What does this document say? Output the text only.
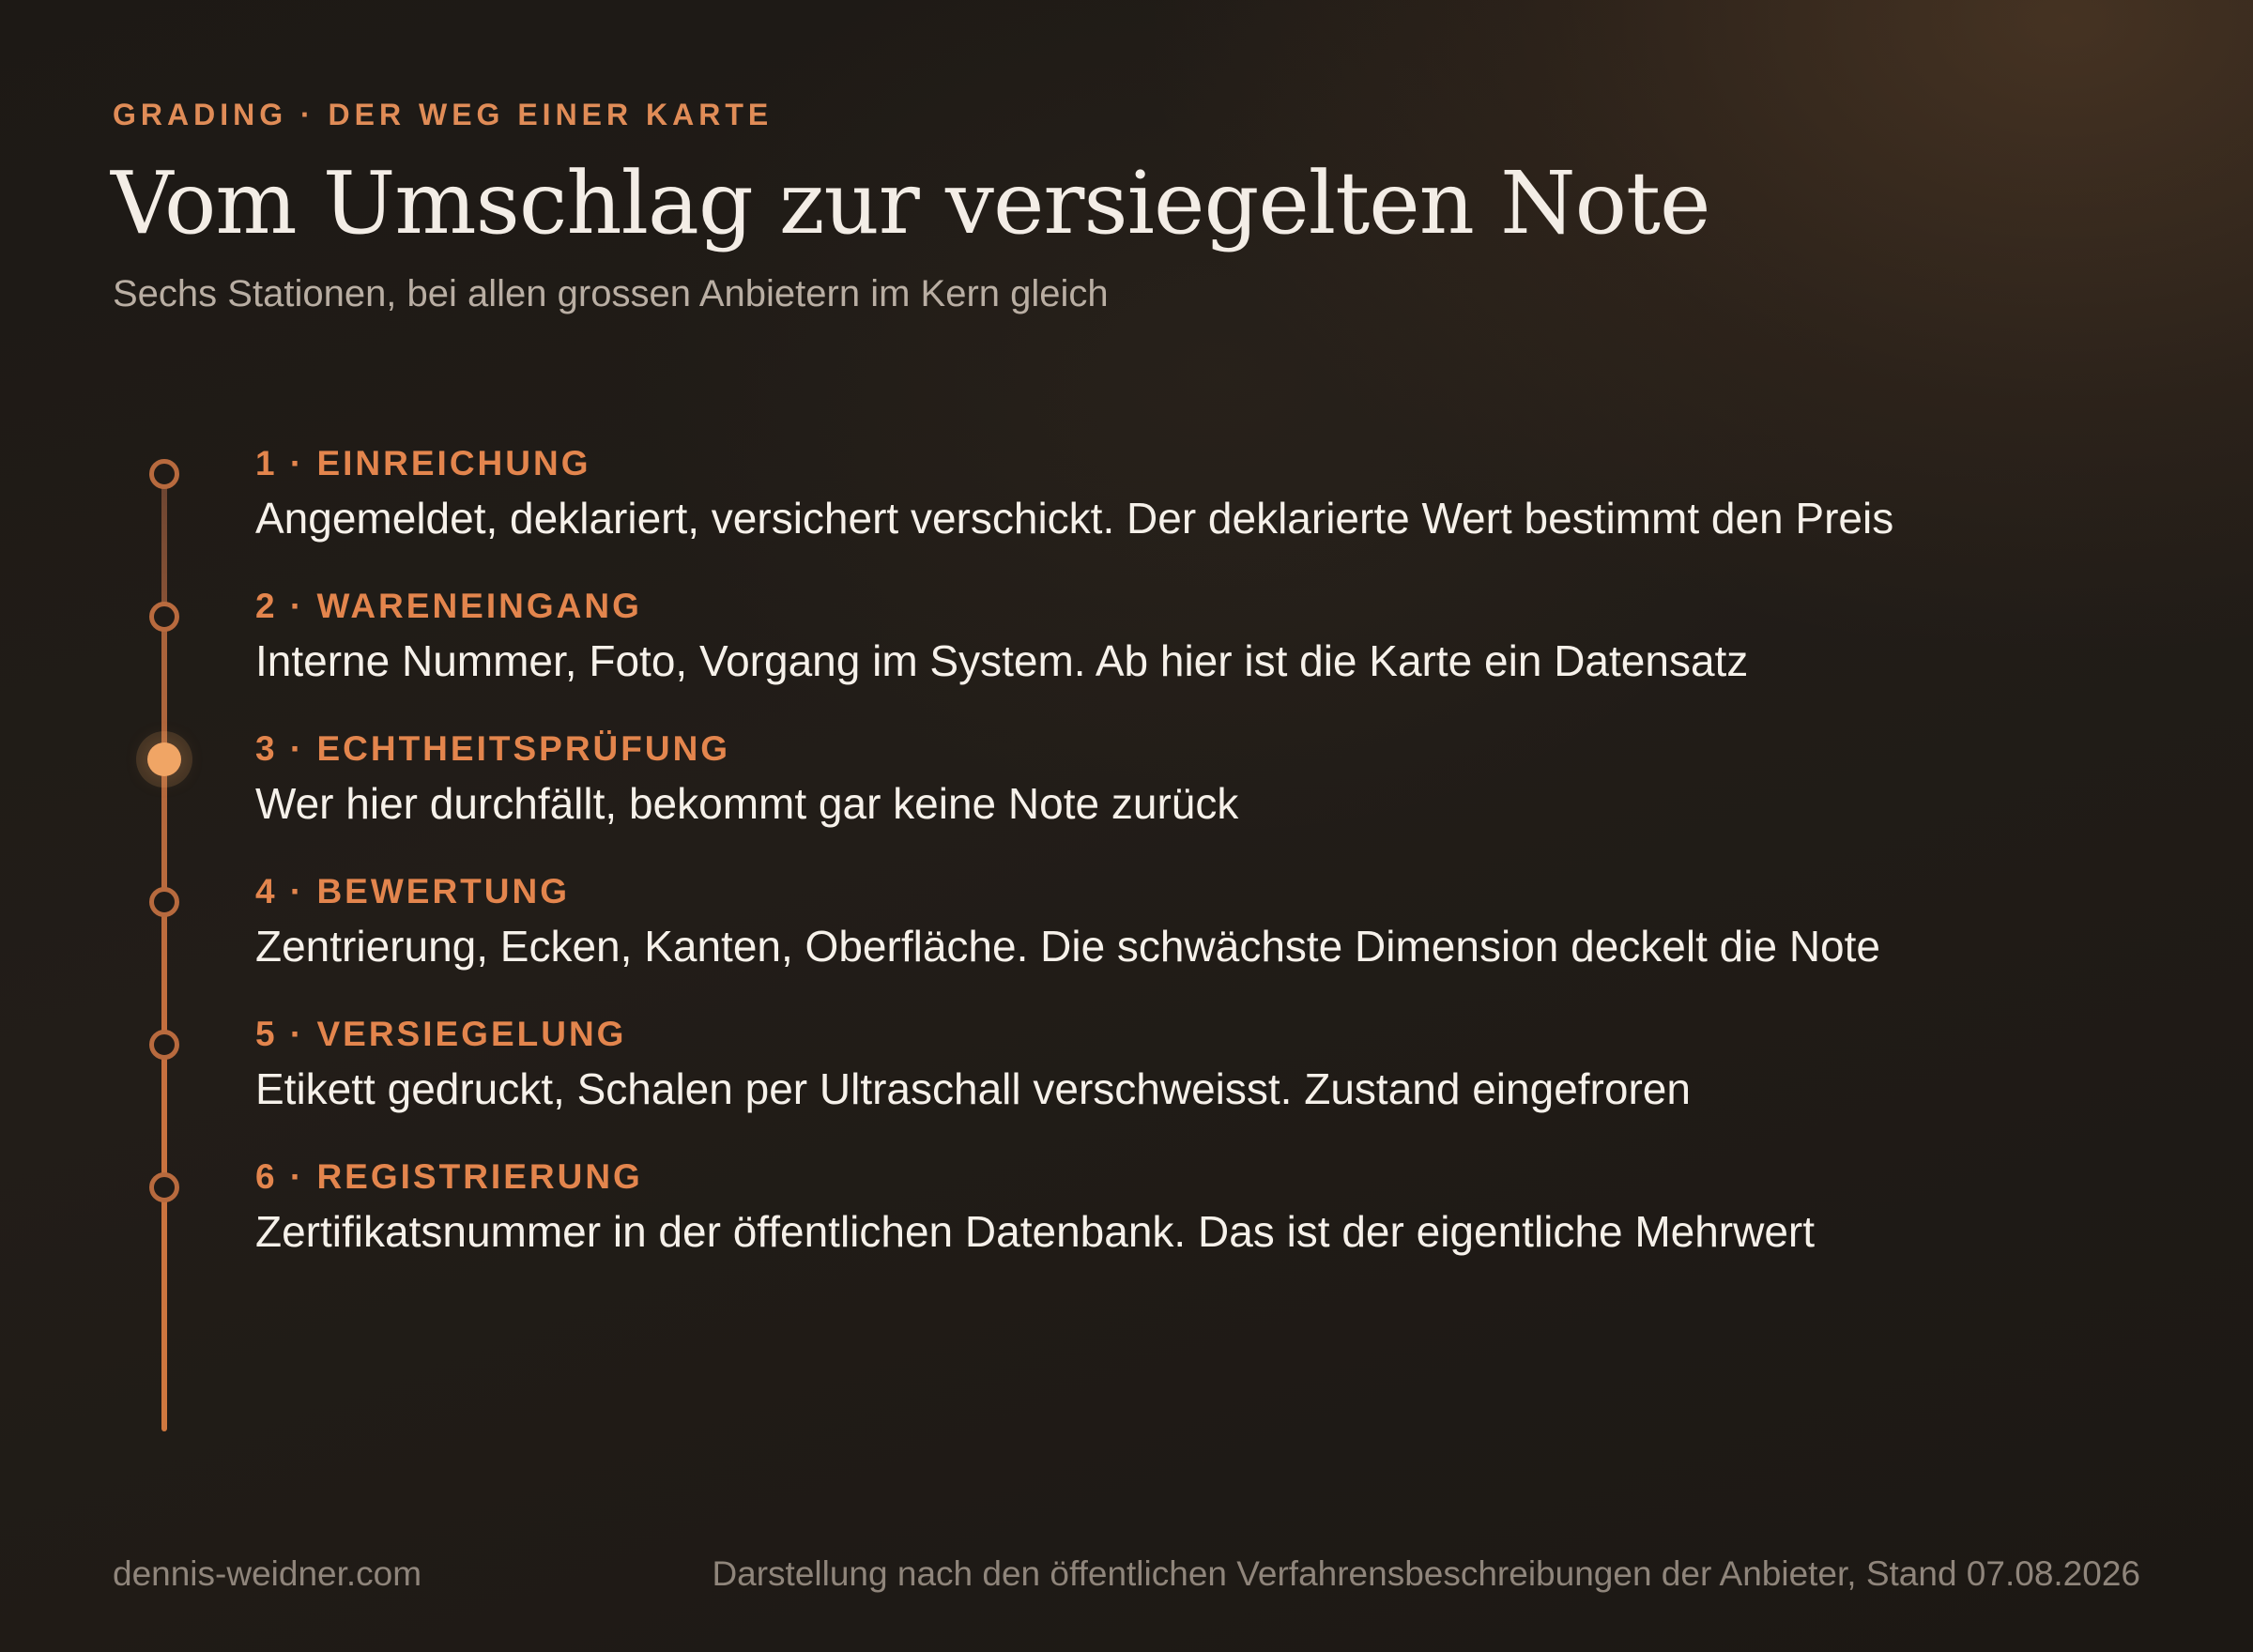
GRADING · DER WEG EINER KARTE
Vom Umschlag zur versiegelten Note
Sechs Stationen, bei allen grossen Anbietern im Kern gleich
1 · EINREICHUNG
Angemeldet, deklariert, versichert verschickt. Der deklarierte Wert bestimmt den Preis
2 · WARENEINGANG
Interne Nummer, Foto, Vorgang im System. Ab hier ist die Karte ein Datensatz
3 · ECHTHEITSPRÜFUNG
Wer hier durchfällt, bekommt gar keine Note zurück
4 · BEWERTUNG
Zentrierung, Ecken, Kanten, Oberfläche. Die schwächste Dimension deckelt die Note
5 · VERSIEGELUNG
Etikett gedruckt, Schalen per Ultraschall verschweisst. Zustand eingefroren
6 · REGISTRIERUNG
Zertifikatsnummer in der öffentlichen Datenbank. Das ist der eigentliche Mehrwert
dennis-weidner.com	Darstellung nach den öffentlichen Verfahrensbeschreibungen der Anbieter, Stand 07.08.2026
